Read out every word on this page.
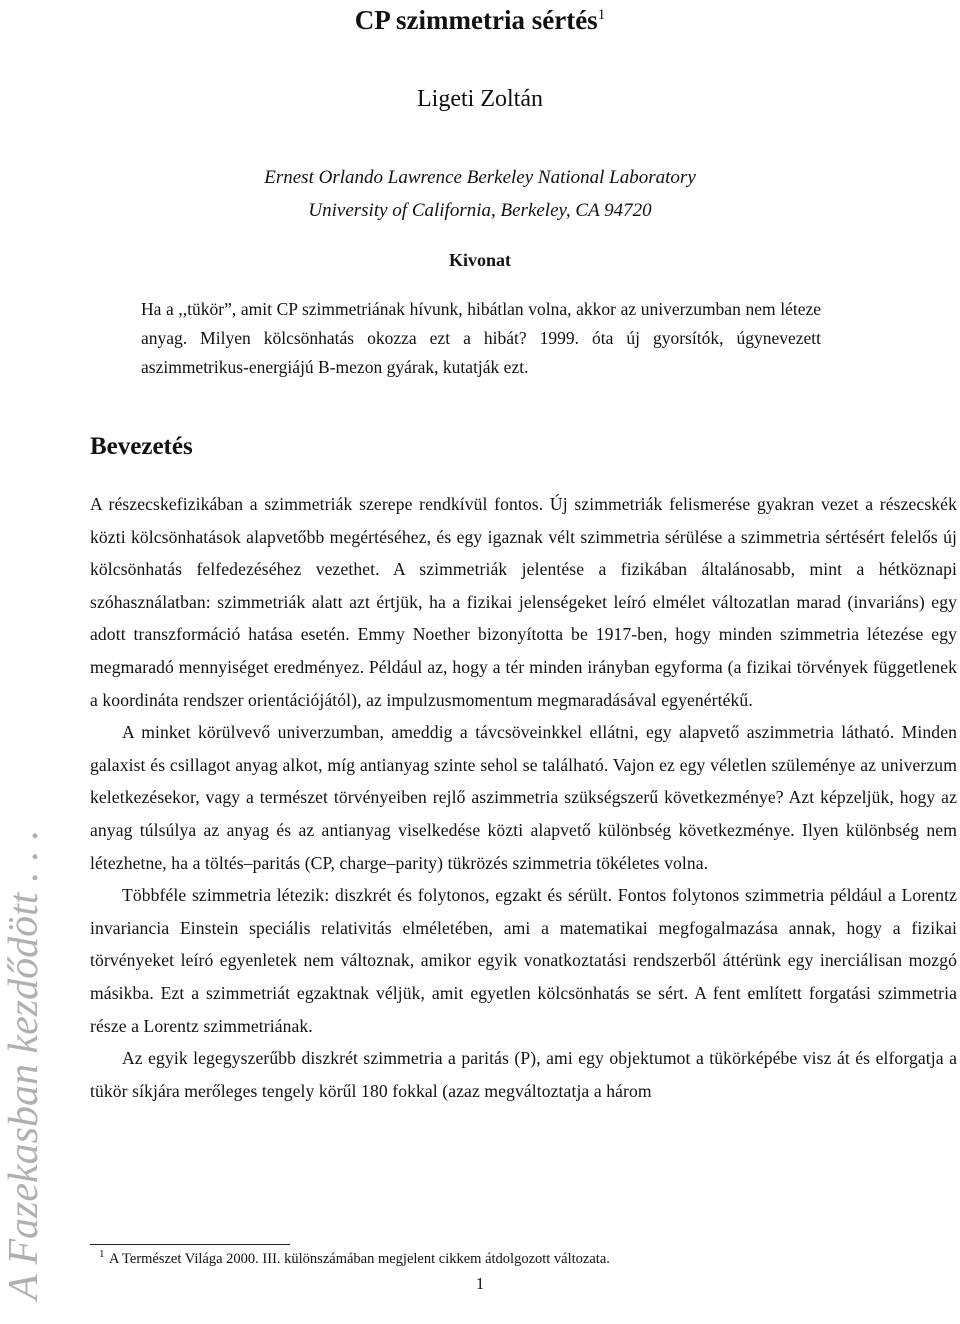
CP szimmetria sértés$^1$
Ligeti Zoltán
Ernest Orlando Lawrence Berkeley National Laboratory
University of California, Berkeley, CA 94720
Kivonat
Ha a ,,tükör”, amit CP szimmetriának hívunk, hibátlan volna, akkor az univerzumban nem léteze anyag. Milyen kölcsönhatás okozza ezt a hibát? 1999. óta új gyorsítók, úgynevezett aszimmetrikus-energiájú B-mezon gyárak, kutatják ezt.
Bevezetés

A részecskefizikában a szimmetriák szerepe rendkívül fontos. Új szimmetriák felismerése gyakran vezet a részecskék közti kölcsönhatások alapvetőbb megértéséhez, és egy igaznak vélt szimmetria sérülése a szimmetria sértésért felelős új kölcsönhatás felfedezéséhez vezethet. A szimmetriák jelentése a fizikában általánosabb, mint a hétköznapi szóhasználatban: szimmetriák alatt azt értjük, ha a fizikai jelenségeket leíró elmélet változatlan marad (invariáns) egy adott transzformáció hatása esetén. Emmy Noether bizonyította be 1917-ben, hogy minden szimmetria létezése egy megmaradó mennyiséget eredményez. Például az, hogy a tér minden irányban egyforma (a fizikai törvények függetlenek a koordináta rendszer orientációjától), az impulzusmomentum megmaradásával egyenértékű.

A minket körülvevő univerzumban, ameddig a távcsöveinkkel ellátni, egy alapvető aszimmetria látható. Minden galaxist és csillagot anyag alkot, míg antianyag szinte sehol se található. Vajon ez egy véletlen szüleménye az univerzum keletkezésekor, vagy a természet törvényeiben rejlő aszimmetria szükségszerű következménye? Azt képzeljük, hogy az anyag túlsúlya az anyag és az antianyag viselkedése közti alapvető különbség következménye. Ilyen különbség nem létezhetne, ha a töltés–paritás (CP, charge–parity) tükrözés szimmetria tökéletes volna.

Többféle szimmetria létezik: diszkrét és folytonos, egzakt és sérült. Fontos folytonos szimmetria például a Lorentz invariancia Einstein speciális relativitás elméletében, ami a matematikai megfogalmazása annak, hogy a fizikai törvényeket leíró egyenletek nem változnak, amikor egyik vonatkoztatási rendszerből áttérünk egy inerciálisan mozgó másikba. Ezt a szimmetriát egzaktnak véljük, amit egyetlen kölcsönhatás se sért. A fent említett forgatási szimmetria része a Lorentz szimmetriának.

Az egyik legegyszerűbb diszkrét szimmetria a paritás (P), ami egy objektumot a tükörképébe visz át és elforgatja a tükör síkjára merőleges tengely körűl 180 fokkal (azaz megváltoztatja a három

1 A Természet Világa 2000. III. különszámában megjelent cikkem átdolgozott változata.
1
A Fazekasban kezdődött . . .
